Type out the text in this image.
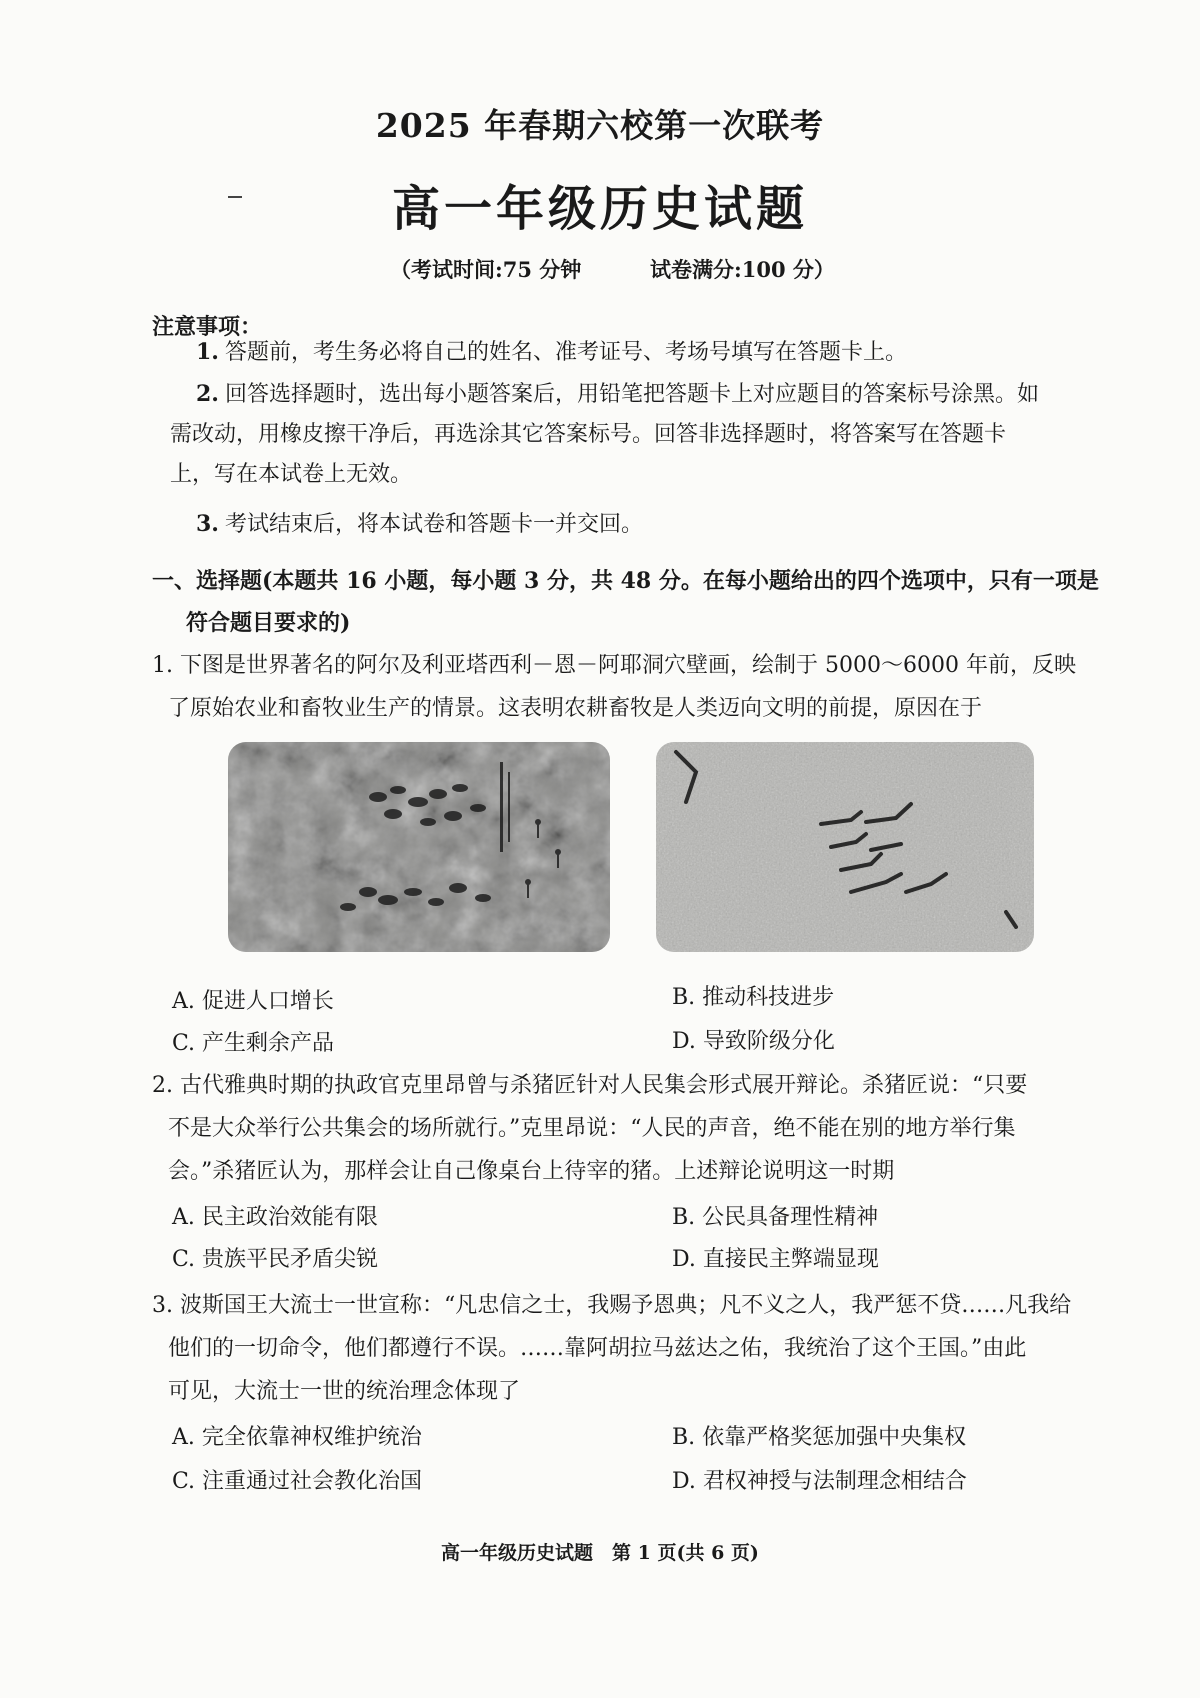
2025 年春期六校第一次联考
高一年级历史试题
（考试时间:75 分钟	试卷满分:100 分）
注意事项：
1. 答题前，考生务必将自己的姓名、准考证号、考场号填写在答题卡上。
2. 回答选择题时，选出每小题答案后，用铅笔把答题卡上对应题目的答案标号涂黑。如
需改动，用橡皮擦干净后，再选涂其它答案标号。回答非选择题时，将答案写在答题卡
上，写在本试卷上无效。
3. 考试结束后，将本试卷和答题卡一并交回。
一、选择题(本题共 16 小题，每小题 3 分，共 48 分。在每小题给出的四个选项中，只有一项是
符合题目要求的)
1. 下图是世界著名的阿尔及利亚塔西利－恩－阿耶洞穴壁画，绘制于 5000～6000 年前，反映
了原始农业和畜牧业生产的情景。这表明农耕畜牧是人类迈向文明的前提，原因在于
A. 促进人口增长	B. 推动科技进步
C. 产生剩余产品	D. 导致阶级分化
2. 古代雅典时期的执政官克里昂曾与杀猪匠针对人民集会形式展开辩论。杀猪匠说：“只要
不是大众举行公共集会的场所就行。”克里昂说：“人民的声音，绝不能在别的地方举行集
会。”杀猪匠认为，那样会让自己像桌台上待宰的猪。上述辩论说明这一时期
A. 民主政治效能有限	B. 公民具备理性精神
C. 贵族平民矛盾尖锐	D. 直接民主弊端显现
3. 波斯国王大流士一世宣称：“凡忠信之士，我赐予恩典；凡不义之人，我严惩不贷……凡我给
他们的一切命令，他们都遵行不误。……靠阿胡拉马兹达之佑，我统治了这个王国。”由此
可见，大流士一世的统治理念体现了
A. 完全依靠神权维护统治	B. 依靠严格奖惩加强中央集权
C. 注重通过社会教化治国	D. 君权神授与法制理念相结合
高一年级历史试题　第 1 页(共 6 页)
